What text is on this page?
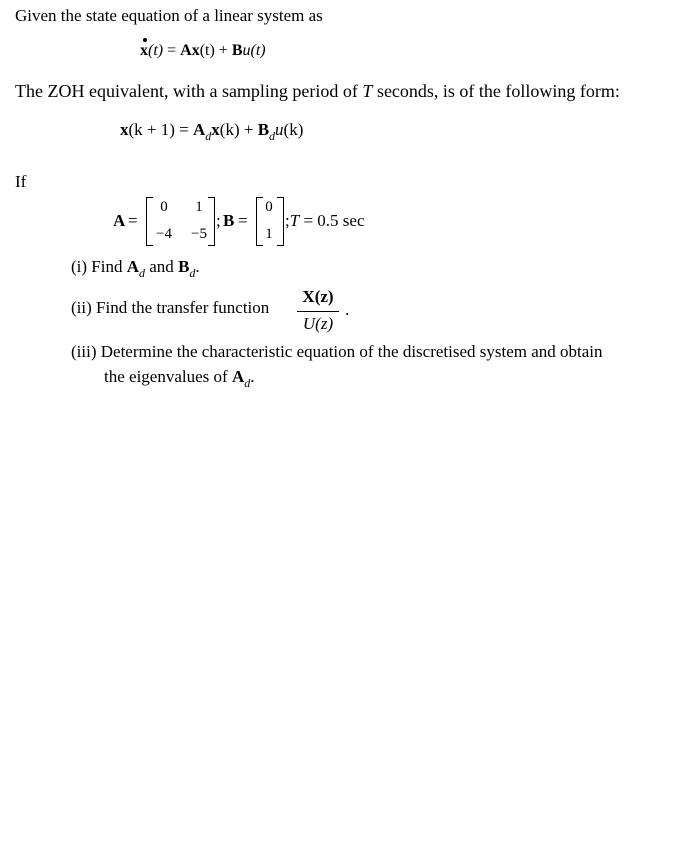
Given the state equation of a linear system as
x(t) = Ax(t) + Bu(t)
The ZOH equivalent, with a sampling period of T seconds, is of the following form:
$x(k + 1) = A_dx(k) + B_du(k)$
If
A =
0 1
−4 −5
; B =
0
1
;T = 0.5 sec
(i) Find $A_d$ and $B_d$.
(ii) Find the transfer function
X(z)
U(z)
.
(iii) Determine the characteristic equation of the discretised system and obtain
the eigenvalues of $A_d$.
